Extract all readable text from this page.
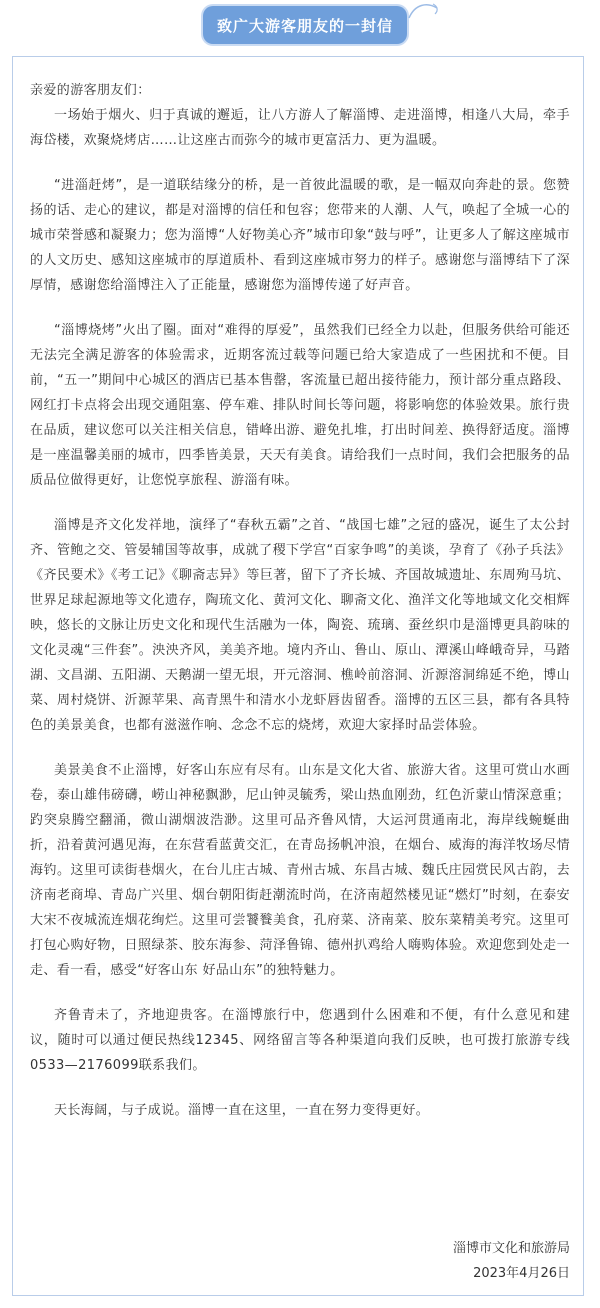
致广大游客朋友的一封信

亲爱的游客朋友们：

一场始于烟火、归于真诚的邂逅，让八方游人了解淄博、走进淄博，相逢八大局，牵手海岱楼，欢聚烧烤店……让这座古而弥今的城市更富活力、更为温暖。

“进淄赶烤”，是一道联结缘分的桥，是一首彼此温暖的歌，是一幅双向奔赴的景。您赞扬的话、走心的建议，都是对淄博的信任和包容；您带来的人潮、人气，唤起了全城一心的城市荣誉感和凝聚力；您为淄博“人好物美心齐”城市印象“鼓与呼”，让更多人了解这座城市的人文历史、感知这座城市的厚道质朴、看到这座城市努力的样子。感谢您与淄博结下了深厚情，感谢您给淄博注入了正能量，感谢您为淄博传递了好声音。

“淄博烧烤”火出了圈。面对“难得的厚爱”，虽然我们已经全力以赴，但服务供给可能还无法完全满足游客的体验需求，近期客流过载等问题已给大家造成了一些困扰和不便。目前，“五一”期间中心城区的酒店已基本售罄，客流量已超出接待能力，预计部分重点路段、网红打卡点将会出现交通阻塞、停车难、排队时间长等问题，将影响您的体验效果。旅行贵在品质，建议您可以关注相关信息，错峰出游、避免扎堆，打出时间差、换得舒适度。淄博是一座温馨美丽的城市，四季皆美景，天天有美食。请给我们一点时间，我们会把服务的品质品位做得更好，让您悦享旅程、游淄有味。

淄博是齐文化发祥地，演绎了“春秋五霸”之首、“战国七雄”之冠的盛况，诞生了太公封齐、管鲍之交、管晏辅国等故事，成就了稷下学宫“百家争鸣”的美谈，孕育了《孙子兵法》《齐民要术》《考工记》《聊斋志异》等巨著，留下了齐长城、齐国故城遗址、东周殉马坑、世界足球起源地等文化遗存，陶琉文化、黄河文化、聊斋文化、渔洋文化等地域文化交相辉映，悠长的文脉让历史文化和现代生活融为一体，陶瓷、琉璃、蚕丝织巾是淄博更具韵味的文化灵魂“三件套”。泱泱齐风，美美齐地。境内齐山、鲁山、原山、潭溪山峰峨奇异，马踏湖、文昌湖、五阳湖、天鹅湖一望无垠，开元溶洞、樵岭前溶洞、沂源溶洞绵延不绝，博山菜、周村烧饼、沂源苹果、高青黑牛和清水小龙虾唇齿留香。淄博的五区三县，都有各具特色的美景美食，也都有滋滋作响、念念不忘的烧烤，欢迎大家择时品尝体验。

美景美食不止淄博，好客山东应有尽有。山东是文化大省、旅游大省。这里可赏山水画卷，泰山雄伟磅礴，崂山神秘飘渺，尼山钟灵毓秀，梁山热血刚劲，红色沂蒙山情深意重；趵突泉腾空翻涌，微山湖烟波浩渺。这里可品齐鲁风情，大运河贯通南北，海岸线蜿蜒曲折，沿着黄河遇见海，在东营看蓝黄交汇，在青岛扬帆冲浪，在烟台、威海的海洋牧场尽情海钓。这里可读街巷烟火，在台儿庄古城、青州古城、东昌古城、魏氏庄园赏民风古韵，去济南老商埠、青岛广兴里、烟台朝阳街赶潮流时尚，在济南超然楼见证“燃灯”时刻，在泰安大宋不夜城流连烟花绚烂。这里可尝饕餮美食，孔府菜、济南菜、胶东菜精美考究。这里可打包心购好物，日照绿茶、胶东海参、菏泽鲁锦、德州扒鸡给人嗨购体验。欢迎您到处走一走、看一看，感受“好客山东 好品山东”的独特魅力。

齐鲁青未了，齐地迎贵客。在淄博旅行中，您遇到什么困难和不便，有什么意见和建议，随时可以通过便民热线12345、网络留言等各种渠道向我们反映，也可拨打旅游专线0533—2176099联系我们。

天长海阔，与子成说。淄博一直在这里，一直在努力变得更好。

淄博市文化和旅游局
2023年4月26日
